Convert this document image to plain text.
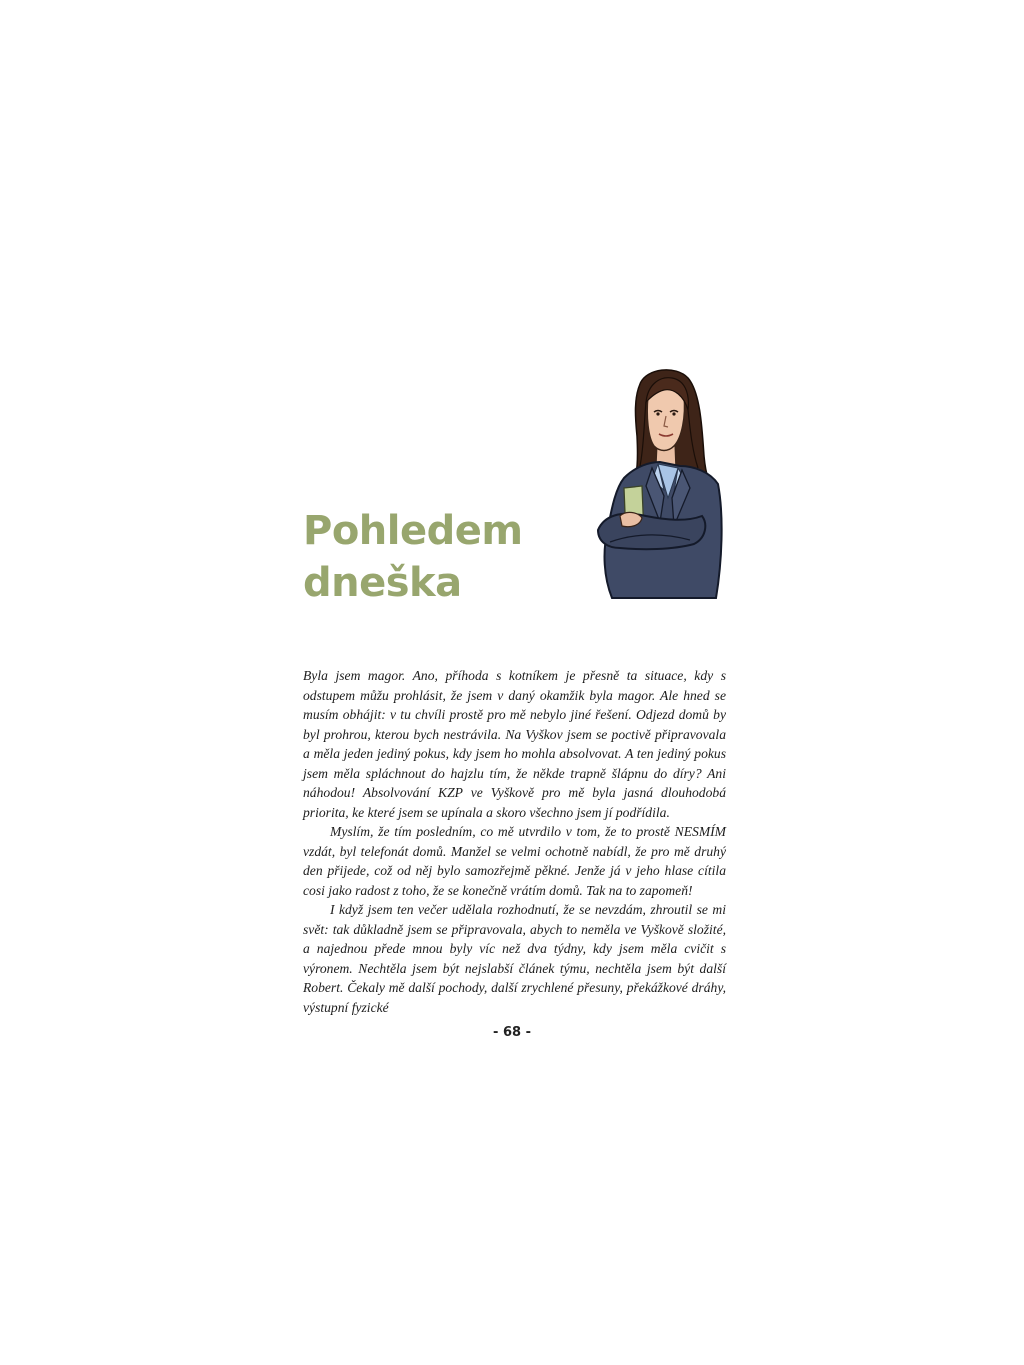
Pohledem
dneška

Byla jsem magor. Ano, příhoda s kotníkem je přesně ta situace, kdy s odstupem můžu prohlásit, že jsem v daný okamžik byla magor. Ale hned se musím obhájit: v tu chvíli prostě pro mě nebylo jiné řešení. Odjezd domů by byl prohrou, kterou bych nestrávila. Na Vyškov jsem se poctivě připravovala a měla jeden jediný pokus, kdy jsem ho mohla absolvovat. A ten jediný pokus jsem měla spláchnout do hajzlu tím, že někde trapně šlápnu do díry? Ani náhodou! Absolvování KZP ve Vyškově pro mě byla jasná dlouhodobá priorita, ke které jsem se upínala a skoro všechno jsem jí podřídila.

Myslím, že tím posledním, co mě utvrdilo v tom, že to prostě NESMÍM vzdát, byl telefonát domů. Manžel se velmi ochotně nabídl, že pro mě druhý den přijede, což od něj bylo samozřejmě pěkné. Jenže já v jeho hlase cítila cosi jako radost z toho, že se konečně vrátím domů. Tak na to zapomeň!

I když jsem ten večer udělala rozhodnutí, že se nevzdám, zhroutil se mi svět: tak důkladně jsem se připravovala, abych to neměla ve Vyškově složité, a najednou přede mnou byly víc než dva týdny, kdy jsem měla cvičit s výronem. Nechtěla jsem být nejslabší článek týmu, nechtěla jsem být další Robert. Čekaly mě další pochody, další zrychlené přesuny, překážkové dráhy, výstupní fyzické

- 68 -
